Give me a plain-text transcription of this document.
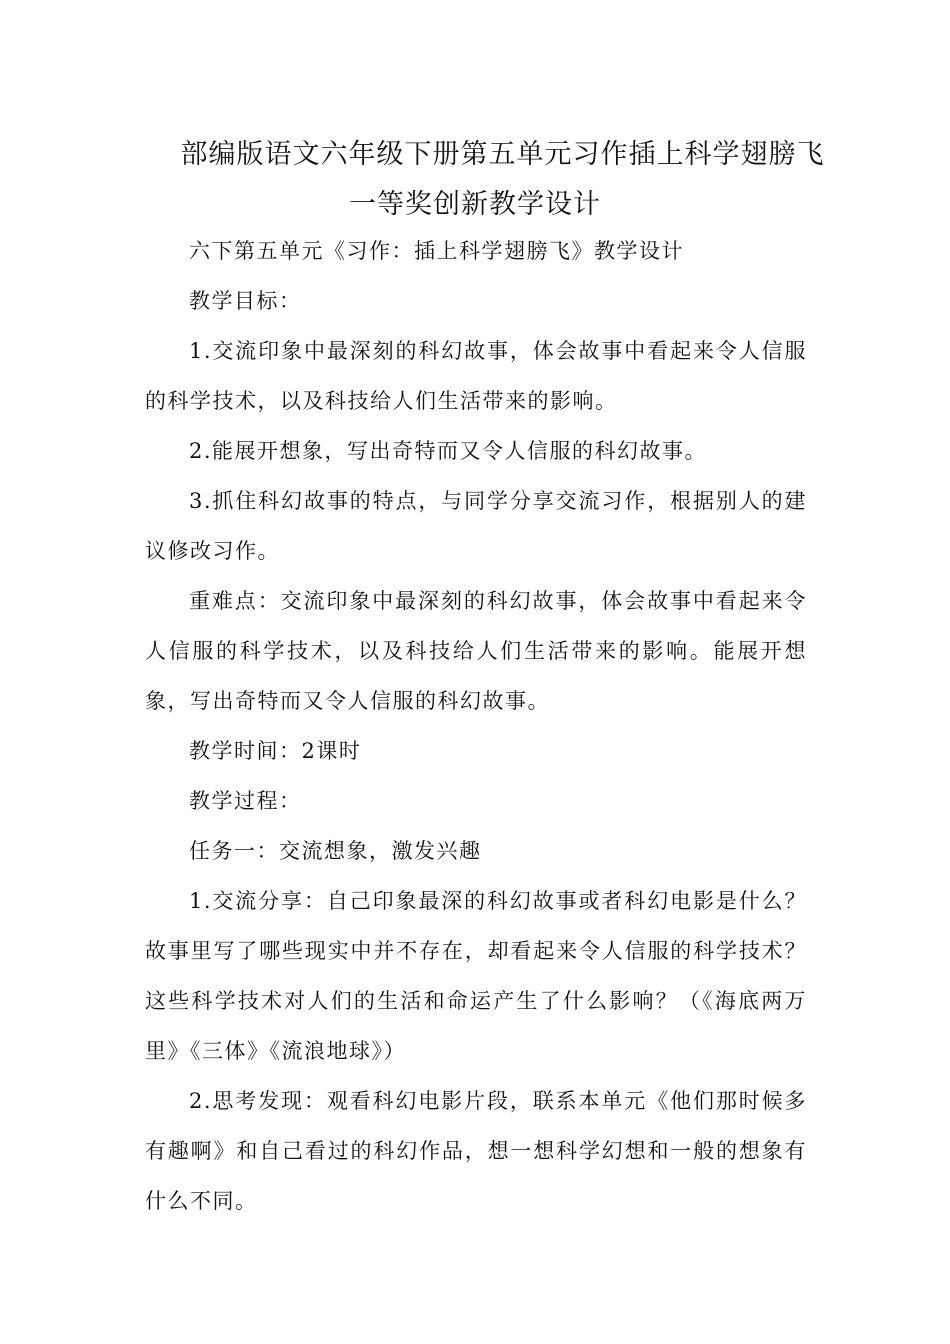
部编版语文六年级下册第五单元习作插上科学翅膀飞
一等奖创新教学设计

六下第五单元《习作：插上科学翅膀飞》教学设计

教学目标：

1.交流印象中最深刻的科幻故事，体会故事中看起来令人信服的科学技术，以及科技给人们生活带来的影响。

2.能展开想象，写出奇特而又令人信服的科幻故事。

3.抓住科幻故事的特点，与同学分享交流习作，根据别人的建议修改习作。

重难点：交流印象中最深刻的科幻故事，体会故事中看起来令人信服的科学技术，以及科技给人们生活带来的影响。能展开想象，写出奇特而又令人信服的科幻故事。

教学时间：2课时

教学过程：

任务一：交流想象，激发兴趣

1.交流分享：自己印象最深的科幻故事或者科幻电影是什么？故事里写了哪些现实中并不存在，却看起来令人信服的科学技术？这些科学技术对人们的生活和命运产生了什么影响？（《海底两万里》《三体》《流浪地球》）

2.思考发现：观看科幻电影片段，联系本单元《他们那时候多有趣啊》和自己看过的科幻作品，想一想科学幻想和一般的想象有什么不同。
